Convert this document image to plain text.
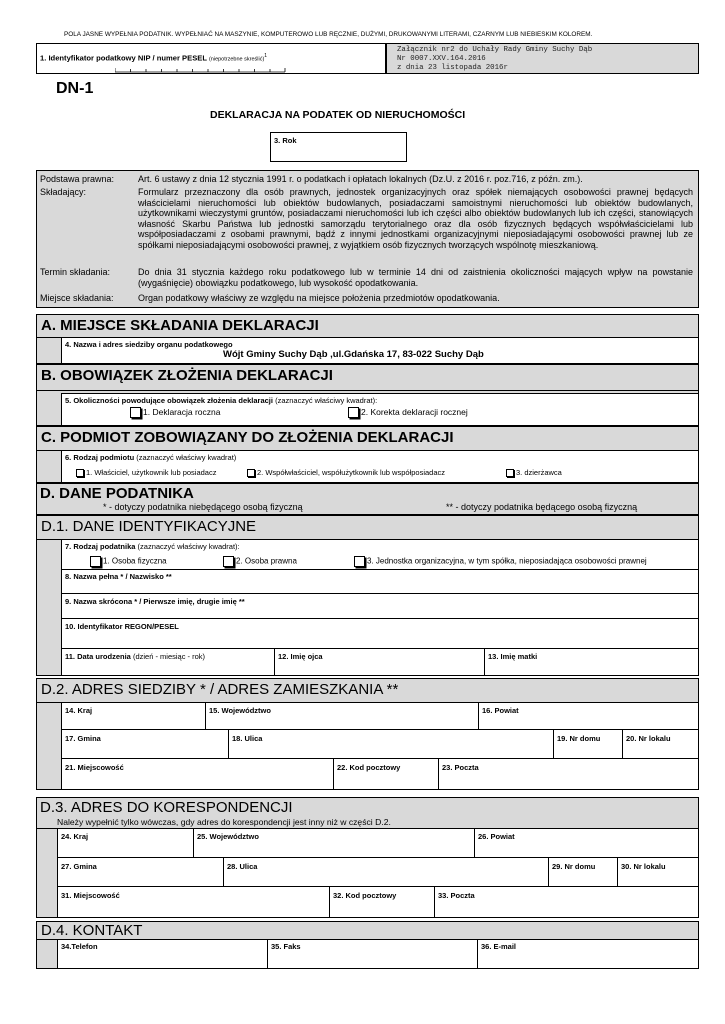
POLA JASNE WYPEŁNIA PODATNIK. WYPEŁNIAĆ NA MASZYNIE, KOMPUTEROWO LUB RĘCZNIE, DUŻYMI, DRUKOWANYMI LITERAMI, CZARNYM LUB NIEBIESKIM KOLOREM.
1. Identyfikator podatkowy NIP / numer PESEL (niepotrzebne skreślić)$^1$
Załącznik nr2 do Uchały Rady Gminy Suchy Dąb
Nr 0007.XXV.164.2016
z dnia 23 listopada 2016r
DN-1
DEKLARACJA NA PODATEK OD NIERUCHOMOŚCI
3. Rok
Podstawa prawna:	Art. 6 ustawy z dnia 12 stycznia 1991 r. o podatkach i opłatach lokalnych (Dz.U. z 2016 r. poz.716, z późn. zm.).
Składający:	Formularz przeznaczony dla osób prawnych, jednostek organizacyjnych oraz spółek niemających osobowości prawnej będących właścicielami nieruchomości lub obiektów budowlanych, posiadaczami samoistnymi nieruchomości lub obiektów budowlanych, użytkownikami wieczystymi gruntów, posiadaczami nieruchomości lub ich części albo obiektów budowlanych lub ich części, stanowiących własność Skarbu Państwa lub jednostki samorządu terytorialnego oraz dla osób fizycznych będących współwłaścicielami lub współposiadaczami z osobami prawnymi, bądź z innymi jednostkami organizacyjnymi nieposiadającymi osobowości prawnej lub ze spółkami nieposiadającymi osobowości prawnej, z wyjątkiem osób fizycznych tworzących wspólnotę mieszkaniową.
Termin składania:	Do dnia 31 stycznia każdego roku podatkowego lub w terminie 14 dni od zaistnienia okoliczności mających wpływ na powstanie (wygaśnięcie) obowiązku podatkowego, lub wysokość opodatkowania.
Miejsce składania:	Organ podatkowy właściwy ze względu na miejsce położenia przedmiotów opodatkowania.
A. MIEJSCE SKŁADANIA DEKLARACJI
4. Nazwa i adres siedziby organu podatkowego
Wójt Gminy Suchy Dąb ,ul.Gdańska 17, 83-022 Suchy Dąb
B. OBOWIĄZEK ZŁOŻENIA DEKLARACJI
5. Okoliczności powodujące obowiązek złożenia deklaracji (zaznaczyć właściwy kwadrat):
1. Deklaracja roczna	2. Korekta deklaracji rocznej
C. PODMIOT ZOBOWIĄZANY DO ZŁOŻENIA DEKLARACJI
6. Rodzaj podmiotu (zaznaczyć właściwy kwadrat)
1. Właściciel, użytkownik lub posiadacz	2. Współwłaściciel, współużytkownik lub współposiadacz	3. dzierżawca
D. DANE PODATNIKA
* - dotyczy podatnika niebędącego osobą fizyczną	** - dotyczy podatnika będącego osobą fizyczną
D.1. DANE IDENTYFIKACYJNE
7. Rodzaj podatnika (zaznaczyć właściwy kwadrat):
1. Osoba fizyczna	2. Osoba prawna	3. Jednostka organizacyjna, w tym spółka, nieposiadająca osobowości prawnej
8. Nazwa pełna * / Nazwisko **
9. Nazwa skrócona * / Pierwsze imię, drugie imię **
10. Identyfikator REGON/PESEL
11. Data urodzenia (dzień - miesiąc - rok)	12. Imię ojca	13. Imię matki
D.2. ADRES SIEDZIBY * / ADRES ZAMIESZKANIA **
14. Kraj	15. Województwo	16. Powiat
17. Gmina	18. Ulica	19. Nr domu	20. Nr lokalu
21. Miejscowość	22. Kod pocztowy	23. Poczta
D.3. ADRES DO KORESPONDENCJI
Należy wypełnić tylko wówczas, gdy adres do korespondencji jest inny niż w części D.2.
24. Kraj	25. Województwo	26. Powiat
27. Gmina	28. Ulica	29. Nr domu	30. Nr lokalu
31. Miejscowość	32. Kod pocztowy	33. Poczta
D.4. KONTAKT
34.Telefon	35. Faks	36. E-mail
